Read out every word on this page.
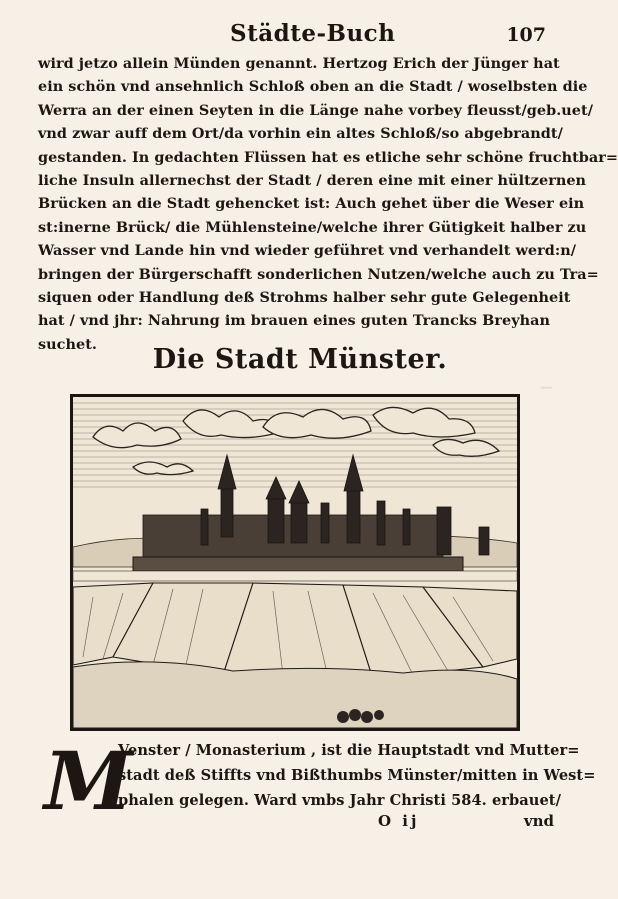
—
Städte-Buch	107
wird jetzo allein Münden genannt. Hertzog Erich der Jünger hat
ein schön vnd ansehnlich Schloß oben an die Stadt / woselbsten die
Werra an der einen Seyten in die Länge nahe vorbey fleusst/geb.uet/
vnd zwar auff dem Ort/da vorhin ein altes Schloß/so abgebrandt/
gestanden. In gedachten Flüssen hat es etliche sehr schöne fruchtbar=
liche Insuln allernechst der Stadt / deren eine mit einer hültzernen
Brücken an die Stadt gehencket ist: Auch gehet über die Weser ein
st:inerne Brück/ die Mühlensteine/welche ihrer Gütigkeit halber zu
Wasser vnd Lande hin vnd wieder geführet vnd verhandelt werd:n/
bringen der Bürgerschafft sonderlichen Nutzen/welche auch zu Tra=
siquen oder Handlung deß Strohms halber sehr gute Gelegenheit
hat / vnd jhr: Nahrung im brauen eines guten Trancks Breyhan
suchet.	Die Stadt Münster.
M
Venster / Monasterium , ist die Hauptstadt vnd Mutter=
stadt deß Stiffts vnd Bißthumbs Münster/mitten in West=
phalen gelegen. Ward vmbs Jahr Christi 584. erbauet/
O ij	vnd
